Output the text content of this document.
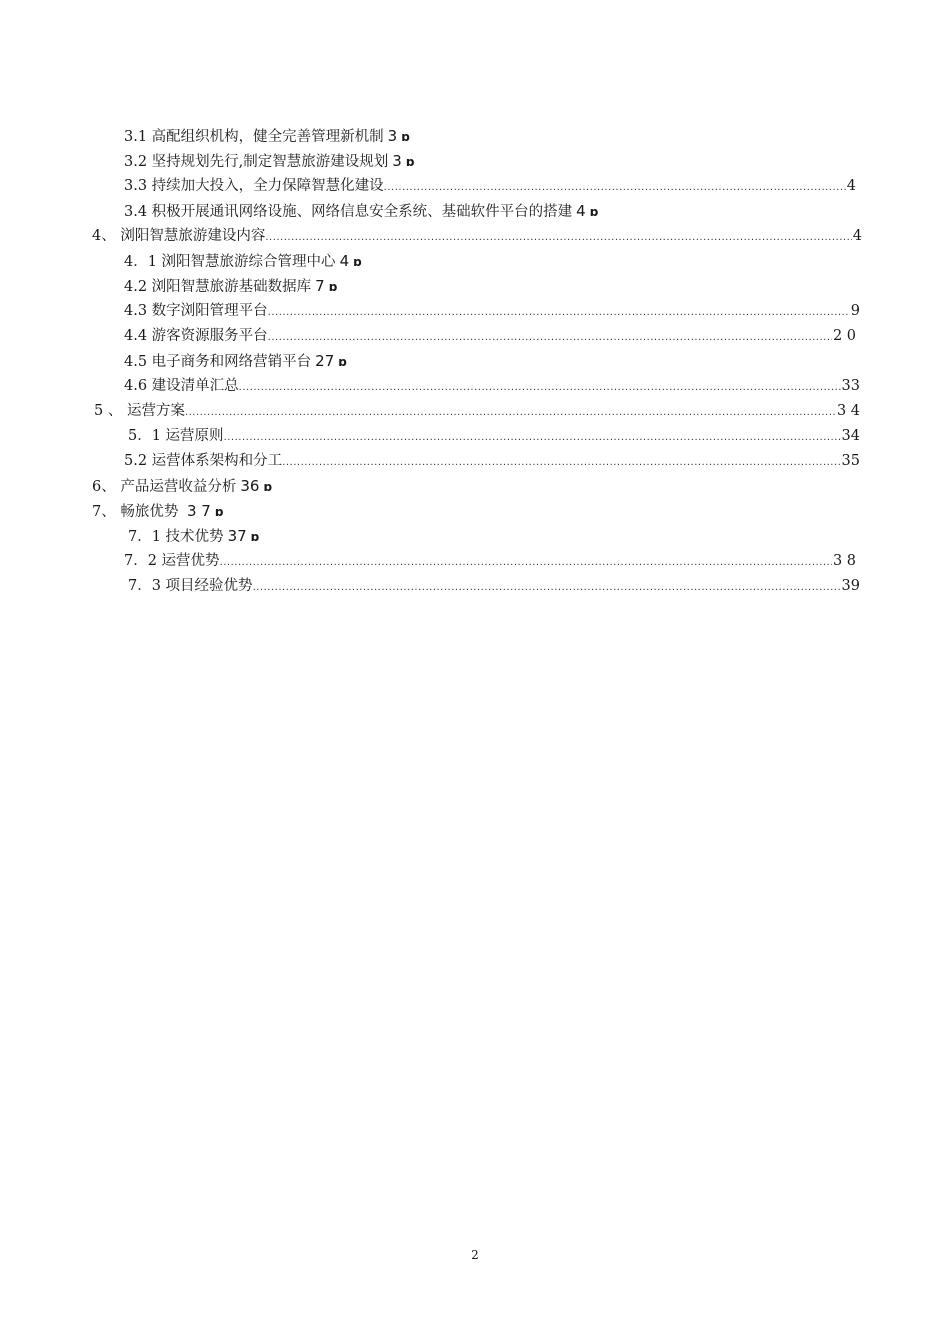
3.1 高配组织机构，健全完善管理新机制 3 ɒ
3.2 坚持规划先行,制定智慧旅游建设规划 3 ɒ
3.3 持续加大投入，全力保障智慧化建设 .....	4
3.4 积极开展通讯网络设施、网络信息安全系统、基础软件平台的搭建 4 ɒ
4、 浏阳智慧旅游建设内容 .....	4
4．1 浏阳智慧旅游综合管理中心 4 ɒ
4.2 浏阳智慧旅游基础数据库 7 ɒ
4.3 数字浏阳管理平台 .....	9
4.4 游客资源服务平台 .....	2 0
4.5 电子商务和网络营销平台 27 ɒ
4.6 建设清单汇总 .....	33
5 、 运营方案 .....	3 4
5．1 运营原则 .....	34
5.2 运营体系架构和分工 .....	35
6、 产品运营收益分析 36 ɒ
7、 畅旅优势 3 7 ɒ
7．1 技术优势 37 ɒ
7．2 运营优势 .....	3 8
7．3 项目经验优势 .....	39
2
